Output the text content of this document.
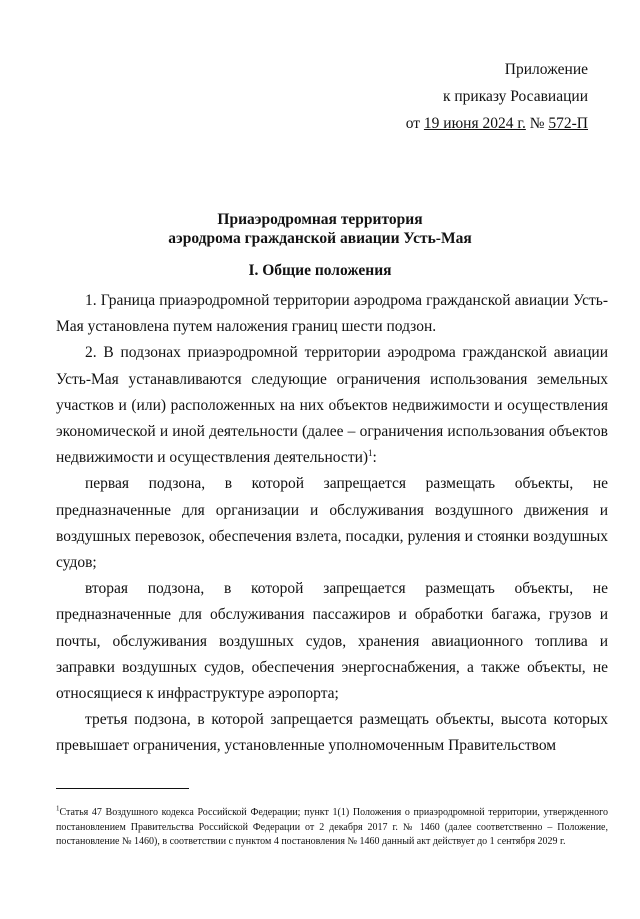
Приложение
к приказу Росавиации
от 19 июня 2024 г. № 572-П
Приаэродромная территория
аэродрома гражданской авиации Усть-Мая
I. Общие положения

1. Граница приаэродромной территории аэродрома гражданской авиации Усть-Мая установлена путем наложения границ шести подзон.

2. В подзонах приаэродромной территории аэродрома гражданской авиации Усть-Мая устанавливаются следующие ограничения использования земельных участков и (или) расположенных на них объектов недвижимости и осуществления экономической и иной деятельности (далее – ограничения использования объектов недвижимости и осуществления деятельности)$^1$:

первая подзона, в которой запрещается размещать объекты, не предназначенные для организации и обслуживания воздушного движения и воздушных перевозок, обеспечения взлета, посадки, руления и стоянки воздушных судов;

вторая подзона, в которой запрещается размещать объекты, не предназначенные для обслуживания пассажиров и обработки багажа, грузов и почты, обслуживания воздушных судов, хранения авиационного топлива и заправки воздушных судов, обеспечения энергоснабжения, а также объекты, не относящиеся к инфраструктуре аэропорта;

третья подзона, в которой запрещается размещать объекты, высота которых превышает ограничения, установленные уполномоченным Правительством

$^1$Статья 47 Воздушного кодекса Российской Федерации; пункт 1(1) Положения о приаэродромной территории, утвержденного постановлением Правительства Российской Федерации от 2 декабря 2017 г. № 1460 (далее соответственно – Положение, постановление № 1460), в соответствии с пунктом 4 постановления № 1460 данный акт действует до 1 сентября 2029 г.
